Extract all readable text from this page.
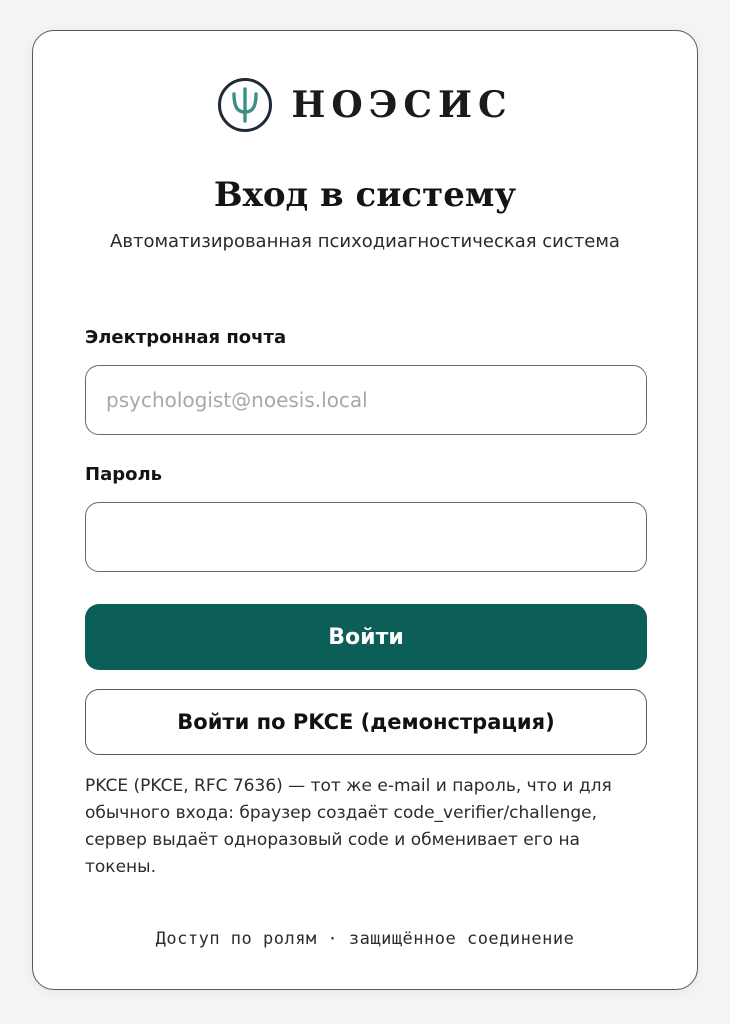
НОЭСИС
Вход в систему
Автоматизированная психодиагностическая система
Электронная почта
psychologist@noesis.local
Пароль
Войти
Войти по PKCE (демонстрация)

PKCE (PKCE, RFC 7636) — тот же e-mail и пароль, что и для обычного входа: браузер создаёт code_verifier/challenge, сервер выдаёт одноразовый code и обменивает его на токены.

Доступ по ролям · защищённое соединение
